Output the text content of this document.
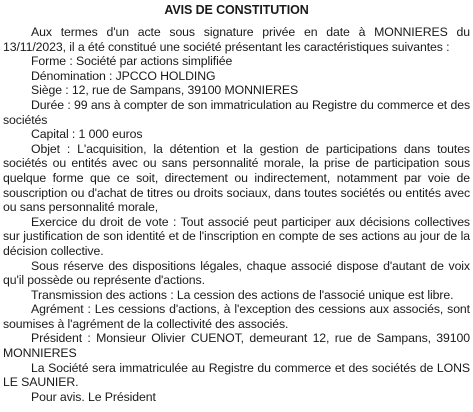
AVIS DE CONSTITUTION

Aux termes d'un acte sous signature privée en date à MONNIERES du 13/11/2023, il a été constitué une société présentant les caractéristiques suivantes :

Forme : Société par actions simplifiée

Dénomination : JPCCO HOLDING

Siège : 12, rue de Sampans, 39100 MONNIERES

Durée : 99 ans à compter de son immatriculation au Registre du commerce et des sociétés

Capital : 1 000 euros

Objet : L'acquisition, la détention et la gestion de participations dans toutes sociétés ou entités avec ou sans personnalité morale, la prise de participation sous quelque forme que ce soit, directement ou indirectement, notamment par voie de souscription ou d'achat de titres ou droits sociaux, dans toutes sociétés ou entités avec ou sans personnalité morale,

Exercice du droit de vote : Tout associé peut participer aux décisions collectives sur justification de son identité et de l'inscription en compte de ses actions au jour de la décision collective.

Sous réserve des dispositions légales, chaque associé dispose d'autant de voix qu'il possède ou représente d'actions.

Transmission des actions : La cession des actions de l'associé unique est libre.

Agrément : Les cessions d'actions, à l'exception des cessions aux associés, sont soumises à l'agrément de la collectivité des associés.

Président : Monsieur Olivier CUENOT, demeurant 12, rue de Sampans, 39100 MONNIERES

La Société sera immatriculée au Registre du commerce et des sociétés de LONS LE SAUNIER.

Pour avis. Le Président
